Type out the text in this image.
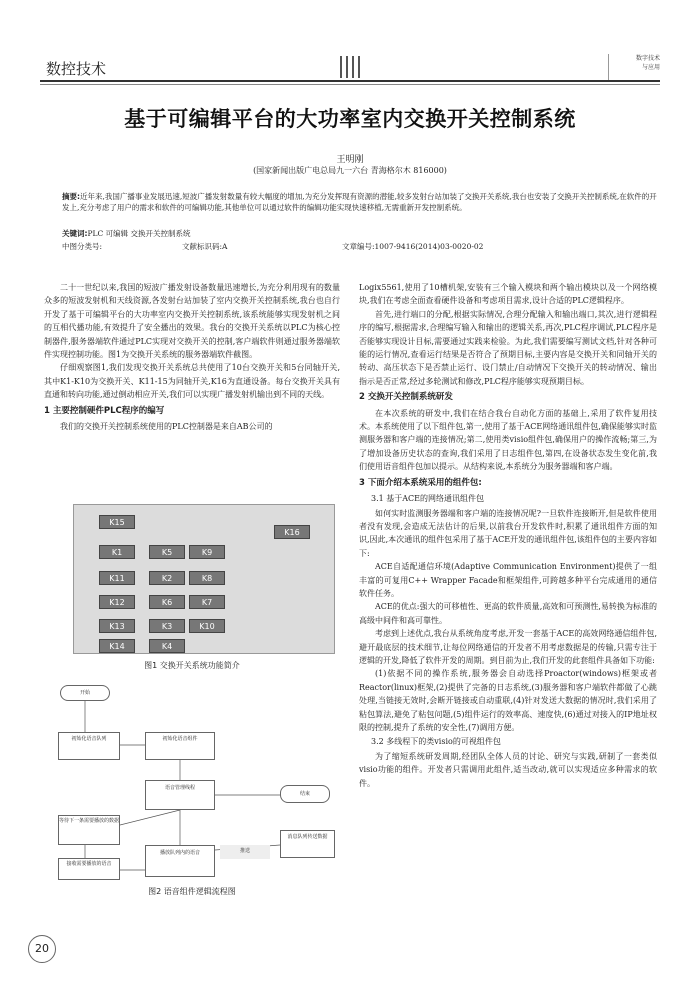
数控技术
数字技术
与应用
基于可编辑平台的大功率室内交换开关控制系统
王明刚
(国家新闻出版广电总局九一六台 青海格尔木 816000)
摘要:近年来,我国广播事业发展迅速,短波广播发射数量有较大幅度的增加,为充分发挥现有资源的潜能,较多发射台站加装了交换开关系统,我台也安装了交换开关控制系统,在软件的开发上,充分考虑了用户的需求和软件的可编辑功能,其他单位可以通过软件的编辑功能实现快速移植,无需重新开发控制系统。
关键词:PLC 可编辑 交换开关控制系统
中图分类号:	文献标识码:A	文章编号:1007-9416(2014)03-0020-02

二十一世纪以来,我国的短波广播发射设备数量迅速增长,为充分利用现有的数量众多的短波发射机和天线资源,各发射台站加装了室内交换开关控制系统,我台也自行开发了基于可编辑平台的大功率室内交换开关控制系统,该系统能够实现发射机之间的互相代播功能,有效提升了安全播出的效果。我台的交换开关系统以PLC为核心控制器件,服务器端软件通过PLC实现对交换开关的控制,客户端软件则通过服务器端软件实现控制功能。图1为交换开关系统的服务器端软件截图。

仔细观察图1,我们发现交换开关系统总共使用了10台交换开关和5台同轴开关,其中K1-K10为交换开关、K11-15为同轴开关,K16为直通设备。每台交换开关具有直通和转向功能,通过倒动相应开关,我们可以实现广播发射机输出到不同的天线。

1 主要控制硬件PLC程序的编写

我们的交换开关控制系统使用的PLC控制器是来自AB公司的

K15
K1
K11
K5	K9
K12
K2
K6
K13	K3
K7
K10
K14	K4
K8
K16
图1 交换开关系统功能简介
开始
初始化语音队列	初始化语音组件
语音管理线程
结束
等待下一条需要播放的数据
接收需要播放的语音
播放队列内的语音
消息队列传送数据
推送
图2 语音组件逻辑流程图

Logix5561,使用了10槽机架,安装有三个输入模块和两个输出模块以及一个网络模块,我们在考虑全面查看硬件设备和考虑项目需求,设计合适的PLC逻辑程序。

首先,进行端口的分配,根据实际情况,合理分配输入和输出端口,其次,进行逻辑程序的编写,根据需求,合理编写输入和输出的逻辑关系,再次,PLC程序调试,PLC程序是否能够实现设计目标,需要通过实践来检验。为此,我们需要编写测试文档,针对各种可能的运行情况,查看运行结果是否符合了预期目标,主要内容是交换开关和同轴开关的转动、高压状态下是否禁止运行、设门禁止/自动情况下交换开关的转动情况、输出指示是否正常,经过多轮测试和修改,PLC程序能够实现预期目标。

2 交换开关控制系统研发

在本次系统的研发中,我们在结合我台自动化方面的基础上,采用了软件复用技术。本系统使用了以下组件包,第一,使用了基于ACE网络通讯组件包,确保能够实时监测服务器和客户端的连接情况;第二,使用类visio组件包,确保用户的操作流畅;第三,为了增加设备历史状态的查询,我们采用了日志组件包,第四,在设备状态发生变化前,我们使用语音组件包加以提示。从结构来说,本系统分为服务器端和客户端。

3 下面介绍本系统采用的组件包:
3.1 基于ACE的网络通讯组件包

如何实时监测服务器端和客户端的连接情况呢?一旦软件连接断开,但是软件使用者没有发现,会造成无法估计的后果,以前我台开发软件时,积累了通讯组件方面的知识,因此,本次通讯的组件包采用了基于ACE开发的通讯组件包,该组件包的主要内容如下:

ACE自适配通信环境(Adaptive Communication Environment)提供了一组丰富的可复用C++ Wrapper Facade和框架组件,可跨越多种平台完成通用的通信软件任务。

ACE的优点:强大的可移植性、更高的软件质量,高效和可预测性,易转换为标准的高级中间件和高可靠性。

考虑到上述优点,我台从系统角度考虑,开发一套基于ACE的高效网络通信组件包,避开最底层的技术细节,让每位网络通信的开发者不用考虑数据是的传输,只需专注于逻辑的开发,降低了软件开发的周期。到目前为止,我们开发的此套组件具备如下功能:

(1)依据不同的操作系统,服务器会自动选择Proactor(windows)框架或者Reactor(linux)框架,(2)提供了完备的日志系统,(3)服务器和客户端软件都做了心跳处理,当链接无效时,会断开链接或自动重联,(4)针对发送大数据的情况时,我们采用了粘包算法,避免了粘包问题,(5)组件运行的效率高、速度快,(6)通过对接入的IP地址权限的控制,提升了系统的安全性,(7)调用方便。

3.2 多线程下的类visio的可视组件包

为了缩短系统研发周期,经团队全体人员的讨论、研究与实践,研制了一套类似visio功能的组件。开发者只需调用此组件,适当改动,就可以实现适应多种需求的软件。

20
